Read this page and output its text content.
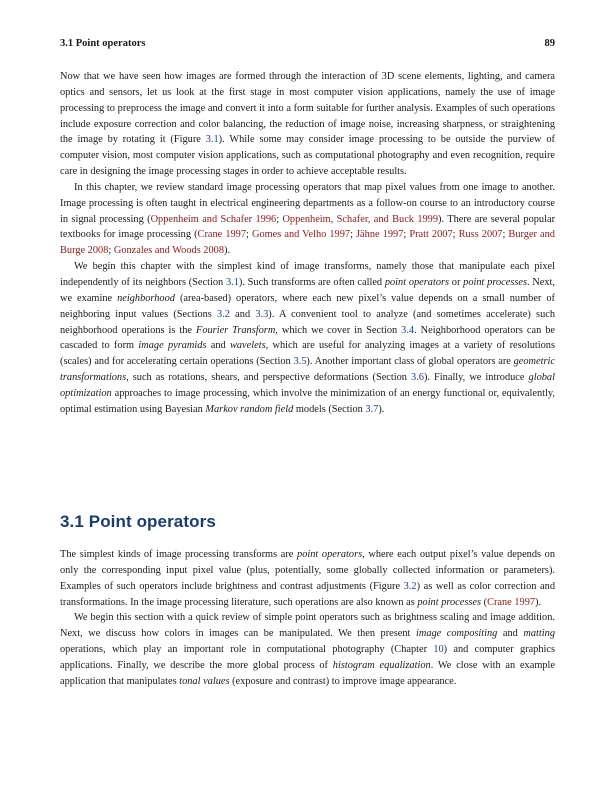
3.1 Point operators	89

Now that we have seen how images are formed through the interaction of 3D scene elements, lighting, and camera optics and sensors, let us look at the first stage in most computer vision applications, namely the use of image processing to preprocess the image and convert it into a form suitable for further analysis. Examples of such operations include exposure correction and color balancing, the reduction of image noise, increasing sharpness, or straightening the image by rotating it (Figure 3.1). While some may consider image processing to be outside the purview of computer vision, most computer vision applications, such as computational photography and even recognition, require care in designing the image processing stages in order to achieve acceptable results.

In this chapter, we review standard image processing operators that map pixel values from one image to another. Image processing is often taught in electrical engineering departments as a follow-on course to an introductory course in signal processing (Oppenheim and Schafer 1996; Oppenheim, Schafer, and Buck 1999). There are several popular textbooks for image processing (Crane 1997; Gomes and Velho 1997; Jähne 1997; Pratt 2007; Russ 2007; Burger and Burge 2008; Gonzales and Woods 2008).

We begin this chapter with the simplest kind of image transforms, namely those that manipulate each pixel independently of its neighbors (Section 3.1). Such transforms are often called point operators or point processes. Next, we examine neighborhood (area-based) operators, where each new pixel’s value depends on a small number of neighboring input values (Sections 3.2 and 3.3). A convenient tool to analyze (and sometimes accelerate) such neighborhood operations is the Fourier Transform, which we cover in Section 3.4. Neighborhood operators can be cascaded to form image pyramids and wavelets, which are useful for analyzing images at a variety of resolutions (scales) and for accelerating certain operations (Section 3.5). Another important class of global operators are geometric transformations, such as rotations, shears, and perspective deformations (Section 3.6). Finally, we introduce global optimization approaches to image processing, which involve the minimization of an energy functional or, equivalently, optimal estimation using Bayesian Markov random field models (Section 3.7).

3.1 Point operators

The simplest kinds of image processing transforms are point operators, where each output pixel’s value depends on only the corresponding input pixel value (plus, potentially, some globally collected information or parameters). Examples of such operators include brightness and contrast adjustments (Figure 3.2) as well as color correction and transformations. In the image processing literature, such operations are also known as point processes (Crane 1997).

We begin this section with a quick review of simple point operators such as brightness scaling and image addition. Next, we discuss how colors in images can be manipulated. We then present image compositing and matting operations, which play an important role in computational photography (Chapter 10) and computer graphics applications. Finally, we describe the more global process of histogram equalization. We close with an example application that manipulates tonal values (exposure and contrast) to improve image appearance.
